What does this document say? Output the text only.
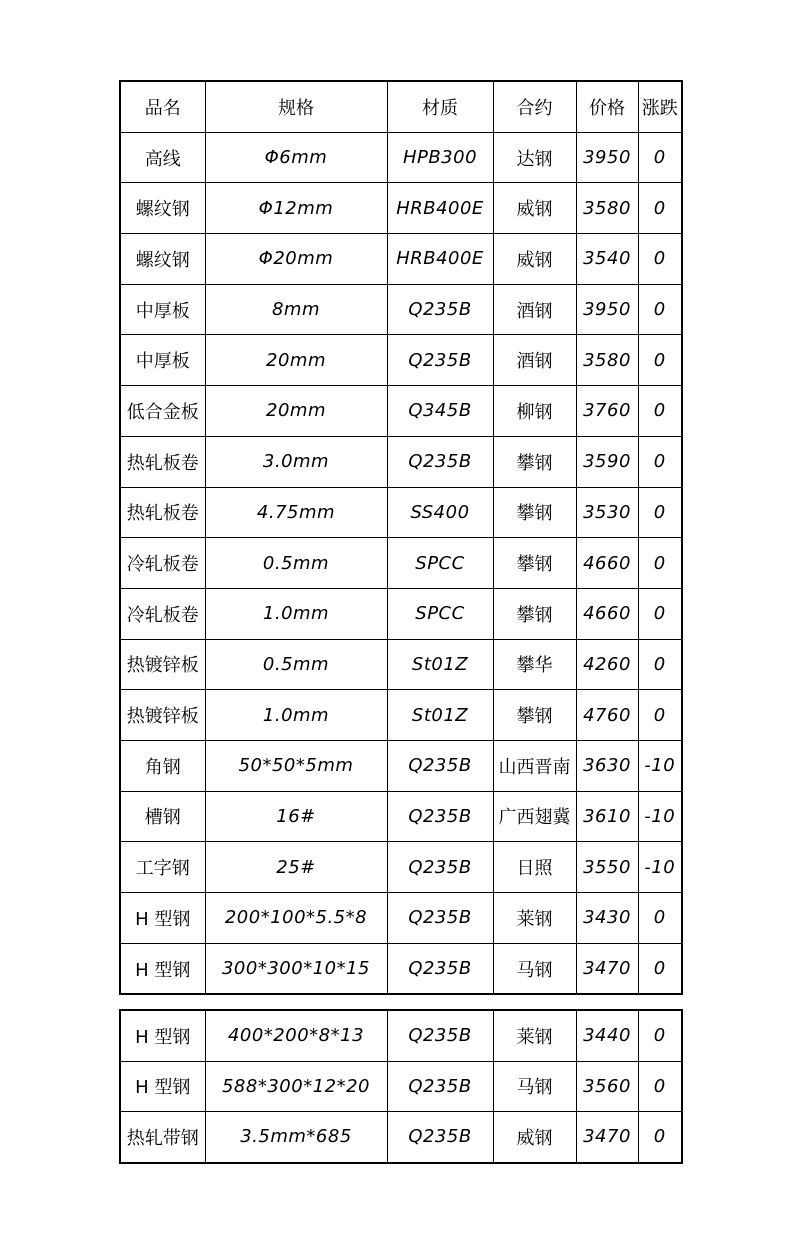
品名	规格	材质	合约	价格	涨跌
高线	Φ6mm	HPB300	达钢	3950	0
螺纹钢	Φ12mm	HRB400E	威钢	3580	0
螺纹钢	Φ20mm	HRB400E	威钢	3540	0
中厚板	8mm	Q235B	酒钢	3950	0
中厚板	20mm	Q235B	酒钢	3580	0
低合金板	20mm	Q345B	柳钢	3760	0
热轧板卷	3.0mm	Q235B	攀钢	3590	0
热轧板卷	4.75mm	SS400	攀钢	3530	0
冷轧板卷	0.5mm	SPCC	攀钢	4660	0
冷轧板卷	1.0mm	SPCC	攀钢	4660	0
热镀锌板	0.5mm	St01Z	攀华	4260	0
热镀锌板	1.0mm	St01Z	攀钢	4760	0
角钢	50*50*5mm	Q235B	山西晋南	3630	-10
槽钢	16#	Q235B	广西翅冀	3610	-10
工字钢	25#	Q235B	日照	3550	-10
H 型钢	200*100*5.5*8	Q235B	莱钢	3430	0
H 型钢	300*300*10*15	Q235B	马钢	3470	0
H 型钢	400*200*8*13	Q235B	莱钢	3440	0
H 型钢	588*300*12*20	Q235B	马钢	3560	0
热轧带钢	3.5mm*685	Q235B	威钢	3470	0
